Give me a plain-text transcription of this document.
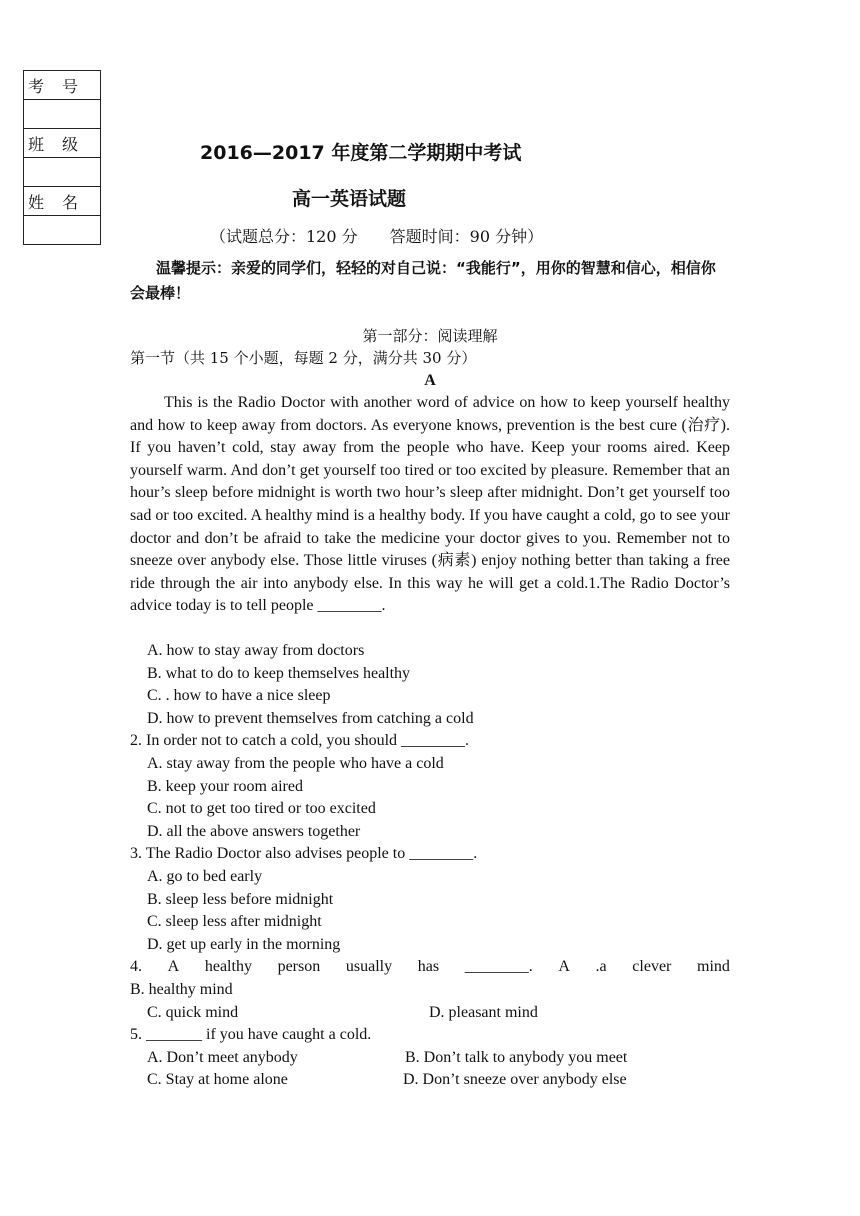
考号

班级

姓名

2016—2017 年度第二学期期中考试
高一英语试题
（试题总分：120 分 答题时间：90 分钟）
温馨提示：亲爱的同学们，轻轻的对自己说：“我能行”，用你的智慧和信心，相信你会最棒！
第一部分：阅读理解
第一节（共 15 个小题，每题 2 分，满分共 30 分）
A
This is the Radio Doctor with another word of advice on how to keep yourself healthy and how to keep away from doctors. As everyone knows, prevention is the best cure (治疗). If you haven’t cold, stay away from the people who have. Keep your rooms aired. Keep yourself warm. And don’t get yourself too tired or too excited by pleasure. Remember that an hour’s sleep before midnight is worth two hour’s sleep after midnight. Don’t get yourself too sad or too excited. A healthy mind is a healthy body. If you have caught a cold, go to see your doctor and don’t be afraid to take the medicine your doctor gives to you. Remember not to sneeze over anybody else. Those little viruses (病素) enjoy nothing better than taking a free ride through the air into anybody else. In this way he will get a cold.1.The Radio Doctor’s advice today is to tell people ________.
A. how to stay away from doctors
B. what to do to keep themselves healthy
C. . how to have a nice sleep
D. how to prevent themselves from catching a cold
2. In order not to catch a cold, you should ________.
A. stay away from the people who have a cold
B. keep your room aired
C. not to get too tired or too excited
D. all the above answers together
3. The Radio Doctor also advises people to ________.
A. go to bed early
B. sleep less before midnight
C. sleep less after midnight
D. get up early in the morning
4. A healthy person usually has ________. A .a clever mind
B. healthy mind
C. quick mind	D. pleasant mind
5. _______ if you have caught a cold.
A. Don’t meet anybody	B. Don’t talk to anybody you meet
C. Stay at home alone	D. Don’t sneeze over anybody else
